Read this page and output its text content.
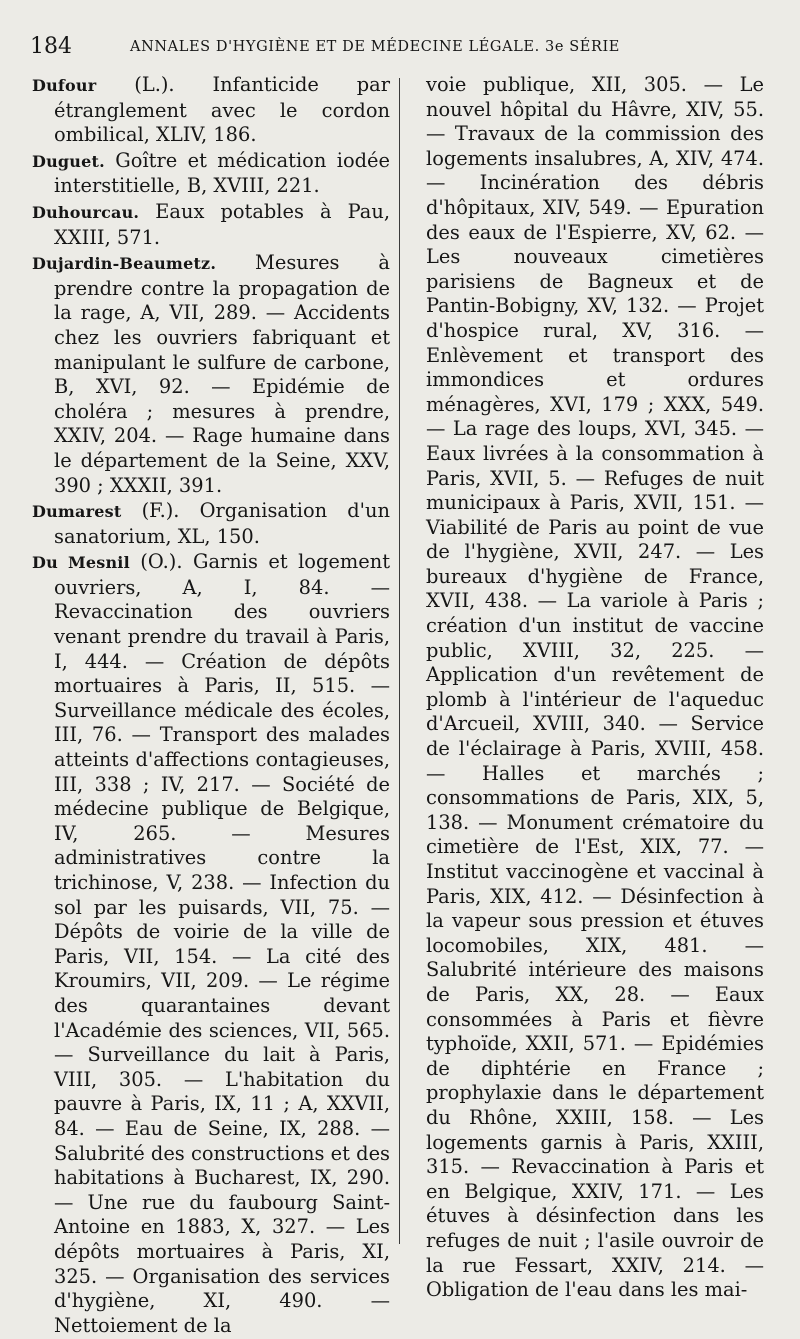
184	ANNALES D'HYGIÈNE ET DE MÉDECINE LÉGALE. 3e SÉRIE

Dufour (L.). Infanticide par étranglement avec le cordon ombilical, XLIV, 186.

Duguet. Goître et médication iodée interstitielle, B, XVIII, 221.

Duhourcau. Eaux potables à Pau, XXIII, 571.

Dujardin-Beaumetz. Mesures à prendre contre la propagation de la rage, A, VII, 289. — Accidents chez les ouvriers fabriquant et manipulant le sulfure de carbone, B, XVI, 92. — Epidémie de choléra ; mesures à prendre, XXIV, 204. — Rage humaine dans le département de la Seine, XXV, 390 ; XXXII, 391.

Dumarest (F.). Organisation d'un sanatorium, XL, 150.

Du Mesnil (O.). Garnis et logement ouvriers, A, I, 84. — Revaccination des ouvriers venant prendre du travail à Paris, I, 444. — Création de dépôts mortuaires à Paris, II, 515. — Surveillance médicale des écoles, III, 76. — Transport des malades atteints d'affections contagieuses, III, 338 ; IV, 217. — Société de médecine publique de Belgique, IV, 265. — Mesures administratives contre la trichinose, V, 238. — Infection du sol par les puisards, VII, 75. — Dépôts de voirie de la ville de Paris, VII, 154. — La cité des Kroumirs, VII, 209. — Le régime des quarantaines devant l'Académie des sciences, VII, 565. — Surveillance du lait à Paris, VIII, 305. — L'habitation du pauvre à Paris, IX, 11 ; A, XXVII, 84. — Eau de Seine, IX, 288. — Salubrité des constructions et des habitations à Bucharest, IX, 290. — Une rue du faubourg Saint-Antoine en 1883, X, 327. — Les dépôts mortuaires à Paris, XI, 325. — Organisation des services d'hygiène, XI, 490. — Nettoiement de la

voie publique, XII, 305. — Le nouvel hôpital du Hâvre, XIV, 55. — Travaux de la commission des logements insalubres, A, XIV, 474. — Incinération des débris d'hôpitaux, XIV, 549. — Epuration des eaux de l'Espierre, XV, 62. — Les nouveaux cimetières parisiens de Bagneux et de Pantin-Bobigny, XV, 132. — Projet d'hospice rural, XV, 316. — Enlèvement et transport des immondices et ordures ménagères, XVI, 179 ; XXX, 549. — La rage des loups, XVI, 345. — Eaux livrées à la consommation à Paris, XVII, 5. — Refuges de nuit municipaux à Paris, XVII, 151. — Viabilité de Paris au point de vue de l'hygiène, XVII, 247. — Les bureaux d'hygiène de France, XVII, 438. — La variole à Paris ; création d'un institut de vaccine public, XVIII, 32, 225. — Application d'un revêtement de plomb à l'intérieur de l'aqueduc d'Arcueil, XVIII, 340. — Service de l'éclairage à Paris, XVIII, 458. — Halles et marchés ; consommations de Paris, XIX, 5, 138. — Monument crématoire du cimetière de l'Est, XIX, 77. — Institut vaccinogène et vaccinal à Paris, XIX, 412. — Désinfection à la vapeur sous pression et étuves locomobiles, XIX, 481. — Salubrité intérieure des maisons de Paris, XX, 28. — Eaux consommées à Paris et fièvre typhoïde, XXII, 571. — Epidémies de diphtérie en France ; prophylaxie dans le département du Rhône, XXIII, 158. — Les logements garnis à Paris, XXIII, 315. — Revaccination à Paris et en Belgique, XXIV, 171. — Les étuves à désinfection dans les refuges de nuit ; l'asile ouvroir de la rue Fessart, XXIV, 214. — Obligation de l'eau dans les mai-
